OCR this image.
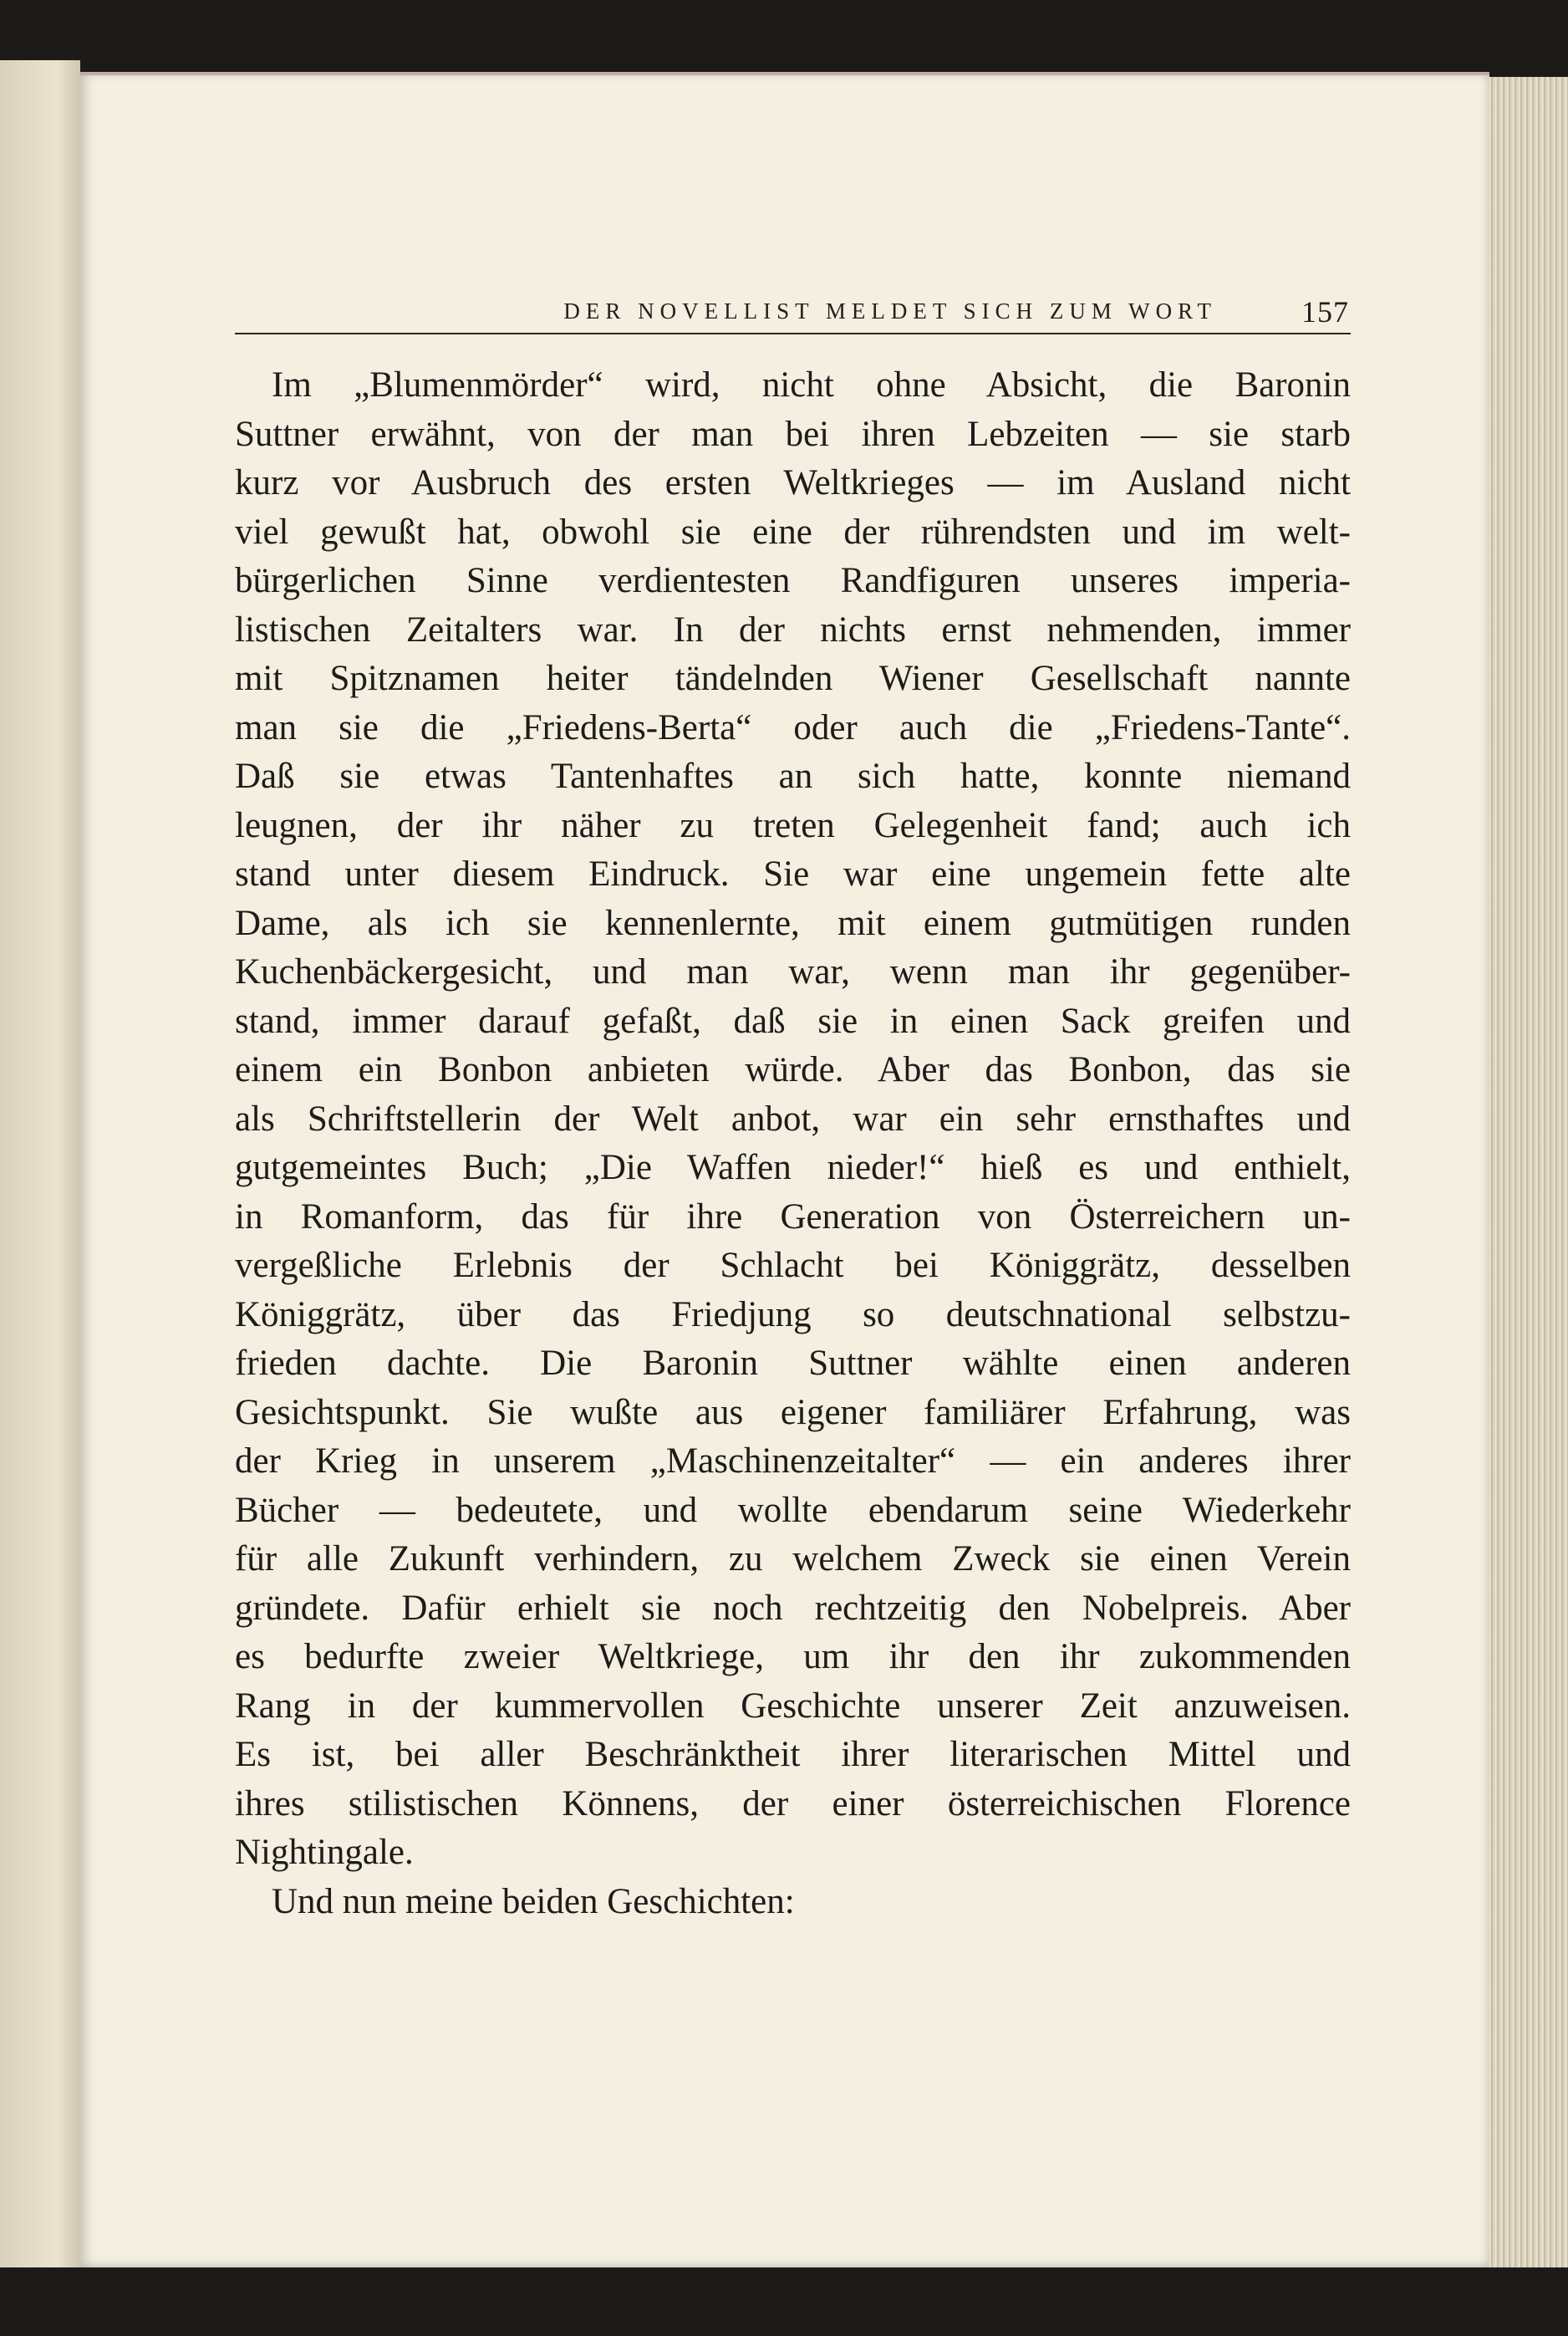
DER NOVELLIST MELDET SICH ZUM WORT	157
Im „Blumenmörder“ wird, nicht ohne Absicht, die Baronin
Suttner erwähnt, von der man bei ihren Lebzeiten — sie starb
kurz vor Ausbruch des ersten Weltkrieges — im Ausland nicht
viel gewußt hat, obwohl sie eine der rührendsten und im welt-
bürgerlichen Sinne verdientesten Randfiguren unseres imperia-
listischen Zeitalters war. In der nichts ernst nehmenden, immer
mit Spitznamen heiter tändelnden Wiener Gesellschaft nannte
man sie die „Friedens-Berta“ oder auch die „Friedens-Tante“.
Daß sie etwas Tantenhaftes an sich hatte, konnte niemand
leugnen, der ihr näher zu treten Gelegenheit fand; auch ich
stand unter diesem Eindruck. Sie war eine ungemein fette alte
Dame, als ich sie kennenlernte, mit einem gutmütigen runden
Kuchenbäckergesicht, und man war, wenn man ihr gegenüber-
stand, immer darauf gefaßt, daß sie in einen Sack greifen und
einem ein Bonbon anbieten würde. Aber das Bonbon, das sie
als Schriftstellerin der Welt anbot, war ein sehr ernsthaftes und
gutgemeintes Buch; „Die Waffen nieder!“ hieß es und enthielt,
in Romanform, das für ihre Generation von Österreichern un-
vergeßliche Erlebnis der Schlacht bei Königgrätz, desselben
Königgrätz, über das Friedjung so deutschnational selbstzu-
frieden dachte. Die Baronin Suttner wählte einen anderen
Gesichtspunkt. Sie wußte aus eigener familiärer Erfahrung, was
der Krieg in unserem „Maschinenzeitalter“ — ein anderes ihrer
Bücher — bedeutete, und wollte ebendarum seine Wiederkehr
für alle Zukunft verhindern, zu welchem Zweck sie einen Verein
gründete. Dafür erhielt sie noch rechtzeitig den Nobelpreis. Aber
es bedurfte zweier Weltkriege, um ihr den ihr zukommenden
Rang in der kummervollen Geschichte unserer Zeit anzuweisen.
Es ist, bei aller Beschränktheit ihrer literarischen Mittel und
ihres stilistischen Könnens, der einer österreichischen Florence
Nightingale.
Und nun meine beiden Geschichten:
